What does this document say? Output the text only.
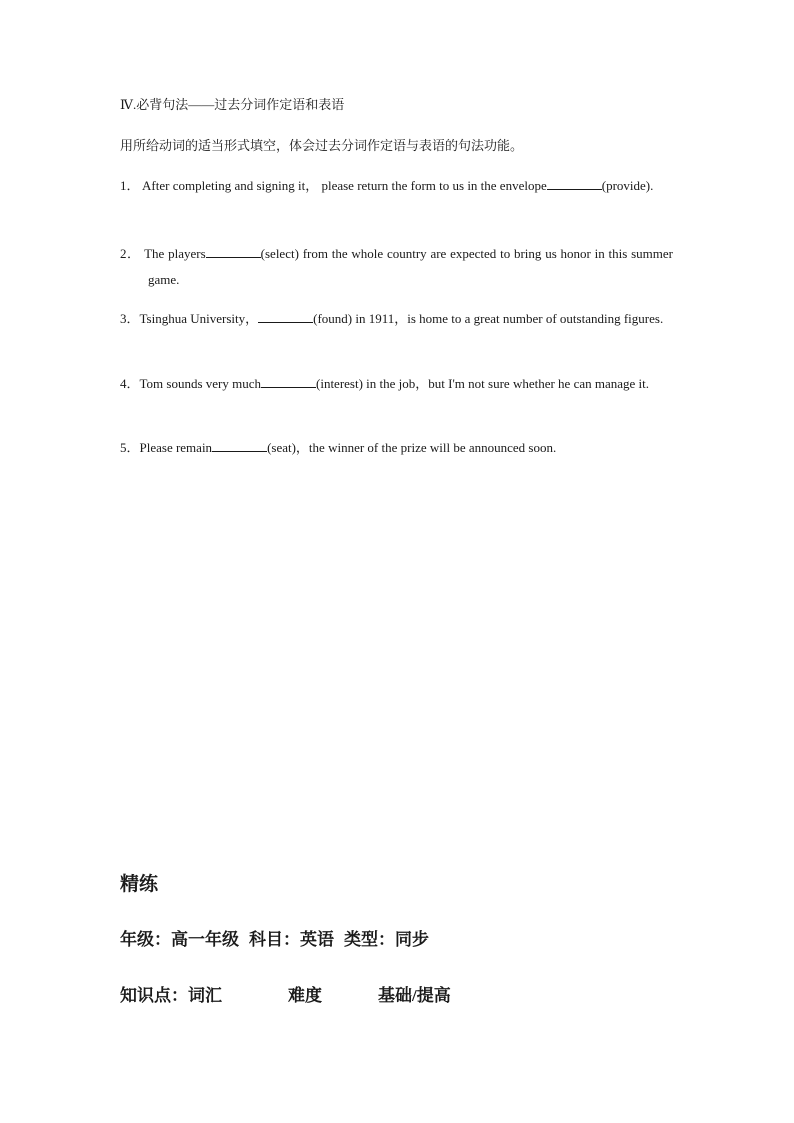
Ⅳ.必背句法——过去分词作定语和表语
用所给动词的适当形式填空，体会过去分词作定语与表语的句法功能。
1． After completing and signing it， please return the form to us in the envelope	(provide).
2． The players	(select) from the whole country are expected to bring us honor in this summer game.
3．Tsinghua University，	(found) in 1911，is home to a great number of outstanding figures.
4．Tom sounds very much	(interest) in the job，but I'm not sure whether he can manage it.
5．Please remain	(seat)，the winner of the prize will be announced soon.
精练
年级：高一年级 科目：英语 类型：同步
知识点：词汇	难度	基础/提高
